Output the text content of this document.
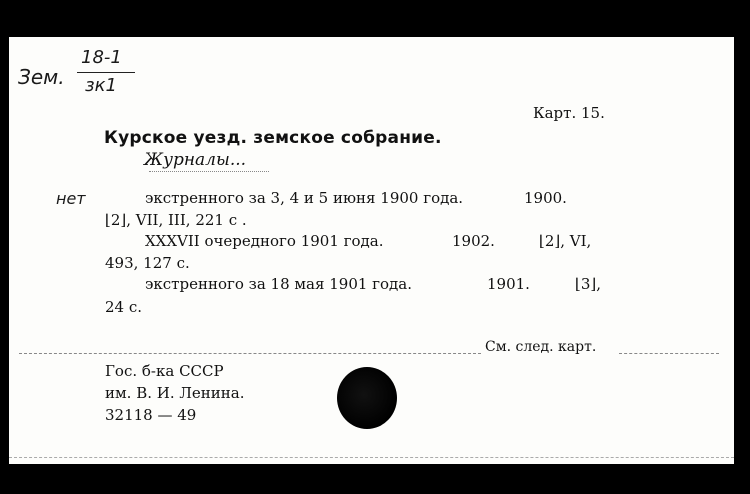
Зем.
18-1
зк1
Карт. 15.
Курское уезд. земское собрание.
Журналы...
нет	экстренного за 3, 4 и 5 июня 1900 года.	1900.
⌊2⌋, VII, III, 221 с .
XXXVII очередного 1901 года.	1902.	⌊2⌋, VI,
493, 127 с.
экстренного за 18 мая 1901 года.	1901.	⌊3⌋,
24 с.
См. след. карт.
Гос. б-ка СССР
им. В. И. Ленина.
32118 — 49
